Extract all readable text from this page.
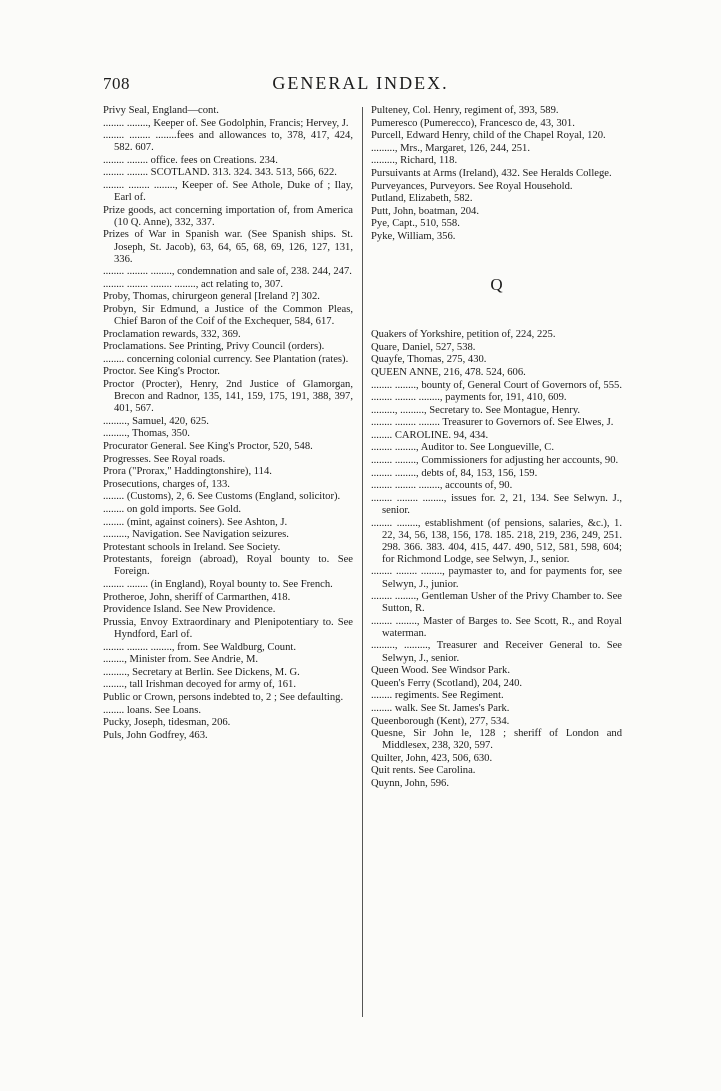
708	GENERAL INDEX.
Privy Seal, England—cont.
........ ........, Keeper of. See Godolphin, Francis; Hervey, J.
........ ........ ........fees and allowances to, 378, 417, 424, 582. 607.
........ ........ office. fees on Creations. 234.
........ ........ SCOTLAND. 313. 324. 343. 513, 566, 622.
........ ........ ........, Keeper of. See Athole, Duke of ; Ilay, Earl of.
Prize goods, act concerning importation of, from America (10 Q. Anne), 332, 337.
Prizes of War in Spanish war. (See Spanish ships. St. Joseph, St. Jacob), 63, 64, 65, 68, 69, 126, 127, 131, 336.
........ ........ ........, condemnation and sale of, 238. 244, 247.
........ ........ ........ ........, act relating to, 307.
Proby, Thomas, chirurgeon general [Ireland ?] 302.
Probyn, Sir Edmund, a Justice of the Common Pleas, Chief Baron of the Coif of the Exchequer, 584, 617.
Proclamation rewards, 332, 369.
Proclamations. See Printing, Privy Council (orders).
........ concerning colonial currency. See Plantation (rates).
Proctor. See King's Proctor.
Proctor (Procter), Henry, 2nd Justice of Glamorgan, Brecon and Radnor, 135, 141, 159, 175, 191, 388, 397, 401, 567.
........., Samuel, 420, 625.
........., Thomas, 350.
Procurator General. See King's Proctor, 520, 548.
Progresses. See Royal roads.
Prora ("Prorax," Haddingtonshire), 114.
Prosecutions, charges of, 133.
........ (Customs), 2, 6. See Customs (England, solicitor).
........ on gold imports. See Gold.
........ (mint, against coiners). See Ashton, J.
........., Navigation. See Navigation seizures.
Protestant schools in Ireland. See Society.
Protestants, foreign (abroad), Royal bounty to. See Foreign.
........ ........ (in England), Royal bounty to. See French.
Protheroe, John, sheriff of Carmarthen, 418.
Providence Island. See New Providence.
Prussia, Envoy Extraordinary and Plenipotentiary to. See Hyndford, Earl of.
........ ........ ........, from. See Waldburg, Count.
........, Minister from. See Andrie, M.
........., Secretary at Berlin. See Dickens, M. G.
........, tall Irishman decoyed for army of, 161.
Public or Crown, persons indebted to, 2 ; See defaulting.
........ loans. See Loans.
Pucky, Joseph, tidesman, 206.
Puls, John Godfrey, 463.
Pulteney, Col. Henry, regiment of, 393, 589.
Pumeresco (Pumerecco), Francesco de, 43, 301.
Purcell, Edward Henry, child of the Chapel Royal, 120.
........., Mrs., Margaret, 126, 244, 251.
........., Richard, 118.
Pursuivants at Arms (Ireland), 432. See Heralds College.
Purveyances, Purveyors. See Royal Household.
Putland, Elizabeth, 582.
Putt, John, boatman, 204.
Pye, Capt., 510, 558.
Pyke, William, 356.
Q
Quakers of Yorkshire, petition of, 224, 225.
Quare, Daniel, 527, 538.
Quayfe, Thomas, 275, 430.
QUEEN ANNE, 216, 478. 524, 606.
........ ........, bounty of, General Court of Governors of, 555.
........ ........ ........, payments for, 191, 410, 609.
........., ........., Secretary to. See Montague, Henry.
........ ........ ........ Treasurer to Governors of. See Elwes, J.
........ CAROLINE. 94, 434.
........ ........, Auditor to. See Longueville, C.
........ ........, Commissioners for adjusting her accounts, 90.
........ ........, debts of, 84, 153, 156, 159.
........ ........ ........, accounts of, 90.
........ ........ ........, issues for. 2, 21, 134. See Selwyn. J., senior.
........ ........, establishment (of pensions, salaries, &c.), 1. 22, 34, 56, 138, 156, 178. 185. 218, 219, 236, 249, 251. 298. 366. 383. 404, 415, 447. 490, 512, 581, 598, 604; for Richmond Lodge, see Selwyn, J., senior.
........ ........ ........, paymaster to, and for payments for, see Selwyn, J., junior.
........ ........, Gentleman Usher of the Privy Chamber to. See Sutton, R.
........ ........, Master of Barges to. See Scott, R., and Royal waterman.
........., ........., Treasurer and Receiver General to. See Selwyn, J., senior.
Queen Wood. See Windsor Park.
Queen's Ferry (Scotland), 204, 240.
........ regiments. See Regiment.
........ walk. See St. James's Park.
Queenborough (Kent), 277, 534.
Quesne, Sir John le, 128 ; sheriff of London and Middlesex, 238, 320, 597.
Quilter, John, 423, 506, 630.
Quit rents. See Carolina.
Quynn, John, 596.
